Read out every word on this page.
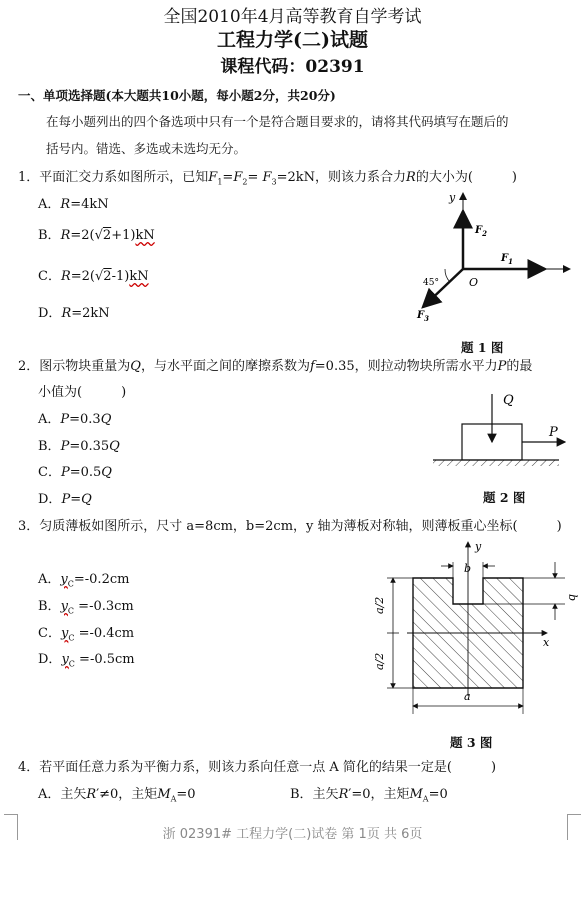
全国2010年4月高等教育自学考试
工程力学(二)试题
课程代码：02391
一、单项选择题(本大题共10小题，每小题2分，共20分)
在每小题列出的四个备选项中只有一个是符合题目要求的，请将其代码填写在题后的
括号内。错选、多选或未选均无分。
1．平面汇交力系如图所示，已知$F_1=F_2= F_3=2kN$，则该力系合力R的大小为(　　　)
A．R=4kN
B．R=2(√2+1)kN
C．R=2(√2-1)kN
D．R=2kN
y
$F_2$
$F_1$
45°	O
$F_3$
题 1 图
2．图示物块重量为Q，与水平面之间的摩擦系数为f=0.35，则拉动物块所需水平力P的最
小值为(　　　)
A．P=0.3Q
B．P=0.35Q
C．P=0.5Q
D．P=Q
Q
P
题 2 图
3．匀质薄板如图所示，尺寸 a=8cm，b=2cm，y 轴为薄板对称轴，则薄板重心坐标(　　　)
A．$y_C=-0.2cm$
B．$y_C =-0.3cm$
C．$y_C =-0.4cm$
D．$y_C =-0.5cm$
y
b
b
a/2
a/2
x
a
题 3 图
4．若平面任意力系为平衡力系，则该力系向任意一点 A 简化的结果一定是(　　　)
A．主矢R′≠0，主矩$M_A=0$	B．主矢R′=0，主矩$M_A=0$
浙 02391# 工程力学(二)试卷 第 1页 共 6页
